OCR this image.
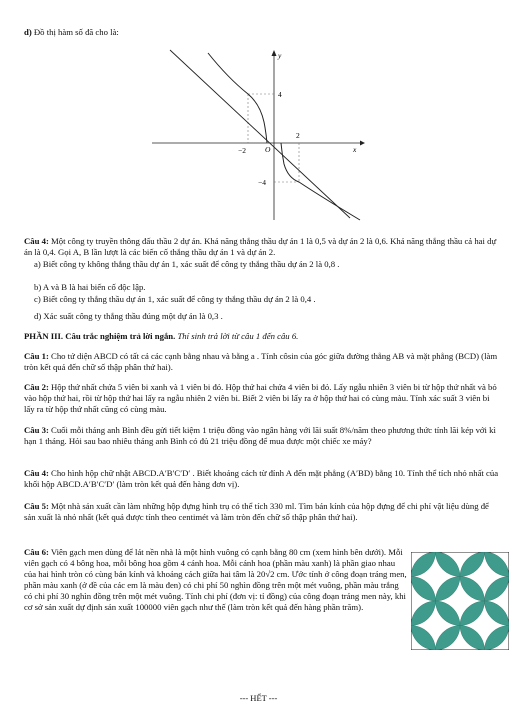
d) Đồ thị hàm số đã cho là:

4
−4
−2
2
O	x
y

Câu 4: Một công ty truyền thông đấu thầu 2 dự án. Khả năng thắng thầu dự án 1 là 0,5 và dự án 2 là 0,6. Khả năng thắng thầu cả hai dự án là 0,4. Gọi A, B lần lượt là các biến cố thắng thầu dự án 1 và dự án 2.

a) Biết công ty không thắng thầu dự án 1, xác suất để công ty thắng thầu dự án 2 là 0,8 .

b) A và B là hai biến cố độc lập.

c) Biết công ty thắng thầu dự án 1, xác suất để công ty thắng thầu dự án 2 là 0,4 .

d) Xác suất công ty thắng thầu đúng một dự án là 0,3 .

PHẦN III. Câu trắc nghiệm trả lời ngắn. Thí sinh trả lời từ câu 1 đến câu 6.

Câu 1: Cho tứ diện ABCD có tất cả các cạnh bằng nhau và bằng a . Tính côsin của góc giữa đường thẳng AB và mặt phẳng (BCD) (làm tròn kết quả đến chữ số thập phân thứ hai).

Câu 2: Hộp thứ nhất chứa 5 viên bi xanh và 1 viên bi đỏ. Hộp thứ hai chứa 4 viên bi đỏ. Lấy ngẫu nhiên 3 viên bi từ hộp thứ nhất và bỏ vào hộp thứ hai, rồi từ hộp thứ hai lấy ra ngẫu nhiên 2 viên bi. Biết 2 viên bi lấy ra ở hộp thứ hai có cùng màu. Tính xác suất 3 viên bi lấy ra từ hộp thứ nhất cũng có cùng màu.

Câu 3: Cuối mỗi tháng anh Bình đều gửi tiết kiệm 1 triệu đồng vào ngân hàng với lãi suất 8%/năm theo phương thức tính lãi kép với kì hạn 1 tháng. Hỏi sau bao nhiêu tháng anh Bình có đủ 21 triệu đồng để mua được một chiếc xe máy?

Câu 4: Cho hình hộp chữ nhật ABCD.A′B′C′D′ . Biết khoảng cách từ đỉnh A đến mặt phẳng (A′BD) bằng 10. Tính thể tích nhỏ nhất của khối hộp ABCD.A′B′C′D′ (làm tròn kết quả đến hàng đơn vị).

Câu 5: Một nhà sản xuất cần làm những hộp đựng hình trụ có thể tích 330 ml. Tìm bán kính của hộp đựng để chi phí vật liệu dùng để sản xuất là nhỏ nhất (kết quả được tính theo centimét và làm tròn đến chữ số thập phân thứ hai).

Câu 6: Viên gạch men dùng để lát nền nhà là một hình vuông có cạnh bằng 80 cm (xem hình bên dưới). Mỗi viên gạch có 4 bông hoa, mỗi bông hoa gồm 4 cánh hoa. Mỗi cánh hoa (phần màu xanh) là phần giao nhau của hai hình tròn có cùng bán kính và khoảng cách giữa hai tâm là 20√2 cm. Ước tính ở công đoạn tráng men, phần màu xanh (ở đề của các em là màu đen) có chi phí 50 nghìn đồng trên một mét vuông, phần màu trắng có chi phí 30 nghìn đồng trên một mét vuông. Tính chi phí (đơn vị: tỉ đồng) của công đoạn tráng men này, khi cơ sở sản xuất dự định sản xuất 100000 viên gạch như thế (làm tròn kết quả đến hàng phần trăm).

--- HẾT ---
